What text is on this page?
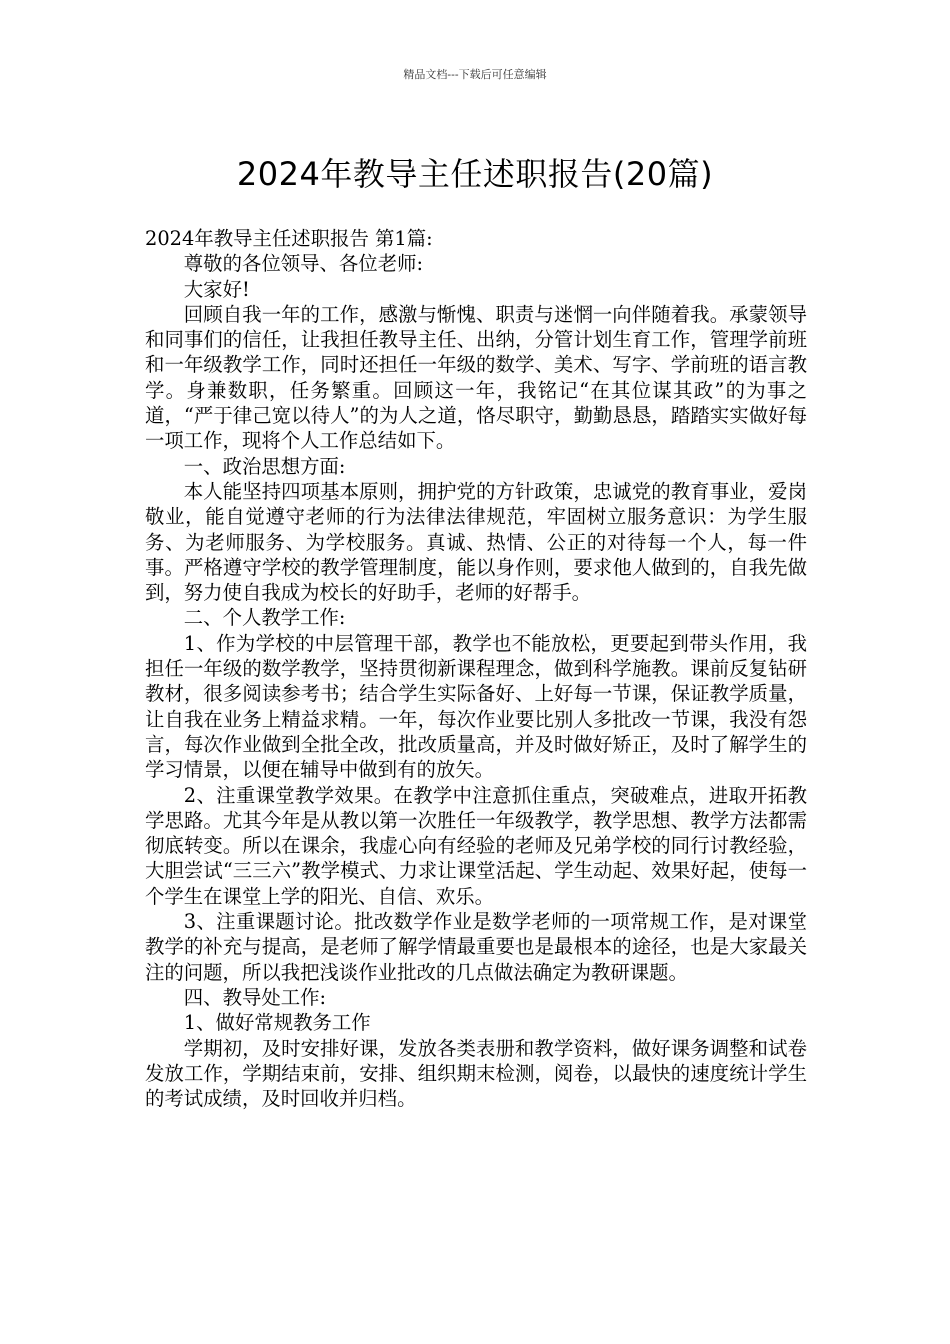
精品文档---下载后可任意编辑
2024年教导主任述职报告(20篇)

2024年教导主任述职报告 第1篇:

尊敬的各位领导、各位老师:

大家好!

回顾自我一年的工作，感激与惭愧、职责与迷惘一向伴随着我。承蒙领导和同事们的信任，让我担任教导主任、出纳，分管计划生育工作，管理学前班和一年级教学工作，同时还担任一年级的数学、美术、写字、学前班的语言教学。身兼数职，任务繁重。回顾这一年，我铭记“在其位谋其政”的为事之道，“严于律己宽以待人”的为人之道，恪尽职守，勤勤恳恳，踏踏实实做好每一项工作，现将个人工作总结如下。

一、政治思想方面:

本人能坚持四项基本原则，拥护党的方针政策，忠诚党的教育事业，爱岗敬业，能自觉遵守老师的行为法律法律规范，牢固树立服务意识：为学生服务、为老师服务、为学校服务。真诚、热情、公正的对待每一个人，每一件事。严格遵守学校的教学管理制度，能以身作则，要求他人做到的，自我先做到，努力使自我成为校长的好助手，老师的好帮手。

二、个人教学工作:

1、作为学校的中层管理干部，教学也不能放松，更要起到带头作用，我担任一年级的数学教学，坚持贯彻新课程理念，做到科学施教。课前反复钻研教材，很多阅读参考书；结合学生实际备好、上好每一节课，保证教学质量，让自我在业务上精益求精。一年，每次作业要比别人多批改一节课，我没有怨言，每次作业做到全批全改，批改质量高，并及时做好矫正，及时了解学生的学习情景，以便在辅导中做到有的放矢。

2、注重课堂教学效果。在教学中注意抓住重点，突破难点，进取开拓教学思路。尤其今年是从教以第一次胜任一年级教学，教学思想、教学方法都需彻底转变。所以在课余，我虚心向有经验的老师及兄弟学校的同行讨教经验，大胆尝试“三三六”教学模式、力求让课堂活起、学生动起、效果好起，使每一个学生在课堂上学的阳光、自信、欢乐。

3、注重课题讨论。批改数学作业是数学老师的一项常规工作，是对课堂教学的补充与提高，是老师了解学情最重要也是最根本的途径，也是大家最关注的问题，所以我把浅谈作业批改的几点做法确定为教研课题。

四、教导处工作:

1、做好常规教务工作

学期初，及时安排好课，发放各类表册和教学资料，做好课务调整和试卷发放工作，学期结束前，安排、组织期末检测，阅卷，以最快的速度统计学生的考试成绩，及时回收并归档。
